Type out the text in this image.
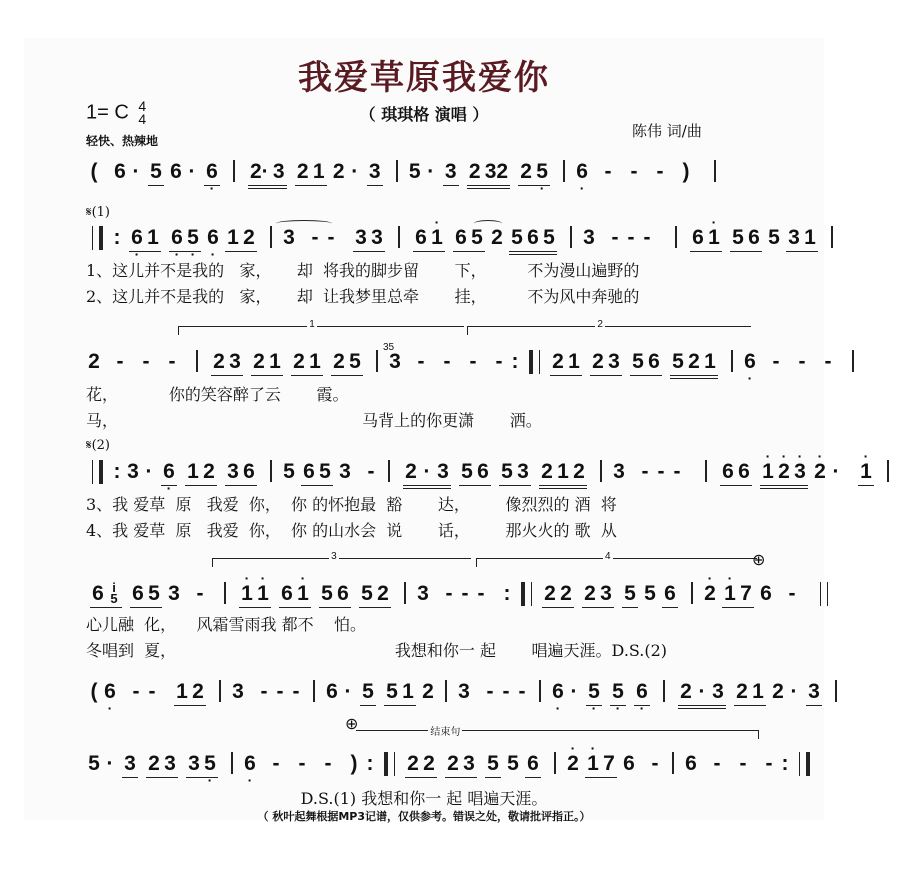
我爱草原我爱你
（ 琪琪格 演唱 ）
1= C 4
4
轻快、热辣地
陈伟 词/曲
( 6 · 5 6 · 6 · 2· 3 2 1 2 · 3 5 · 3 2 32 2 5 · 6 · - - - )
𝄋(1)
: 6 · 1 6 · 5 · 6 · 1 2 3 - - 3 3 6 · 1 6 5 2 5 6 5 3 - - - 6 · 1 5 6 5 3 1
1、这儿并不是我的   家，     却  将我的脚步留       下，        不为漫山遍野的
2、这儿并不是我的   家，     却  让我梦里总牵       挂，        不为风中奔驰的
1	2
2 - - - 2 3 2 1 2 1 2 5
35
3 - - - - : 2 1 2 3 5 6 5 2 1 6 · - - -
花，          你的笑容醉了云       霞。
马，                                                马背上的你更潇       洒。
𝄋(2)
: 3 · 6 · 1 2 3 6 5 6 5 3 - 2 · 3 5 6 5 3 2 1 2 3 - - - 6 6 · 1 · 2 · 3 · 2 · · 1
3、我 爱草  原   我爱  你，  你 的怀抱最  豁       达，       像烈烈的 酒  将
4、我 爱草  原   我爱  你，  你 的山水会  说       话，       那火火的 歌  从
3	4	⊕
6 i
5 6 5 3 - · 1 · 1 6 · 1 5 6 5 2 3 - - - : 2 2 2 3 5 5 6 · 2 · 1 7 6 -
心儿融  化，    风霜雪雨我 都不    怕。
冬唱到  夏，                                           我想和你一 起       唱遍天涯。D.S.(2)
( 6 · - - 1 2 3 - - - 6 · 5 5 1 2 3 - - - 6 · · 5 · 5 · 6 · 2 · 3 2 1 2 · 3
⊕	结束句
5 · 3 2 3 3 5 · 6 · - - - ) : 2 2 2 3 5 5 6 · 2 · 1 7 6 - 6 - - - :
D.S.(1) 我想和你一 起 唱遍天涯。
（ 秋叶起舞根据MP3记谱，仅供参考。错误之处，敬请批评指正。）
